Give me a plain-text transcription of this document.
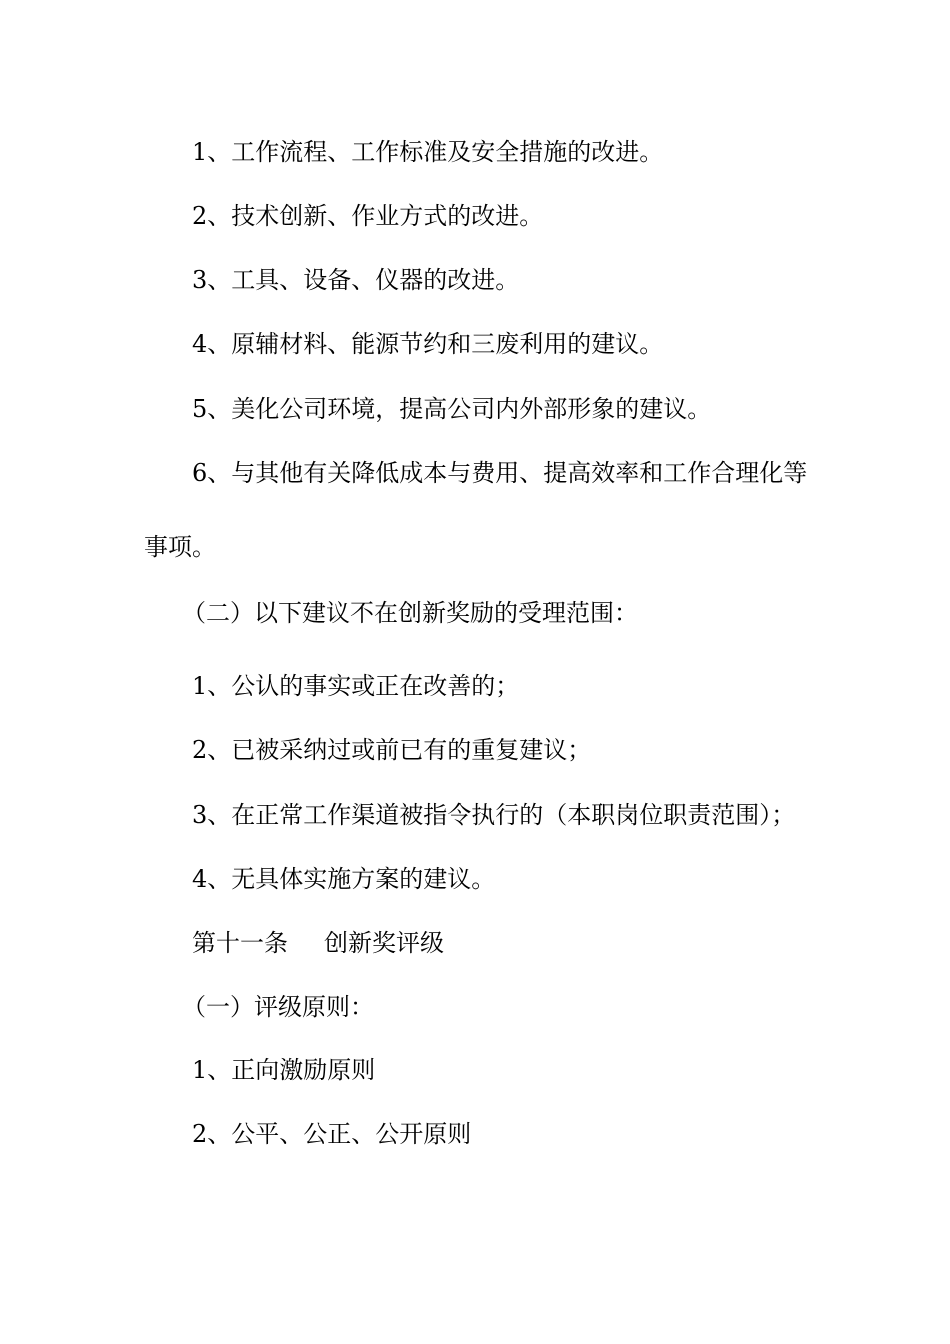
1、工作流程、工作标准及安全措施的改进。

2、技术创新、作业方式的改进。

3、工具、设备、仪器的改进。

4、原辅材料、能源节约和三废利用的建议。

5、美化公司环境，提高公司内外部形象的建议。

6、与其他有关降低成本与费用、提高效率和工作合理化等

事项。

（二）以下建议不在创新奖励的受理范围：

1、公认的事实或正在改善的；

2、已被采纳过或前已有的重复建议；

3、在正常工作渠道被指令执行的（本职岗位职责范围）；

4、无具体实施方案的建议。

第十一条 创新奖评级

（一）评级原则：

1、正向激励原则

2、公平、公正、公开原则
